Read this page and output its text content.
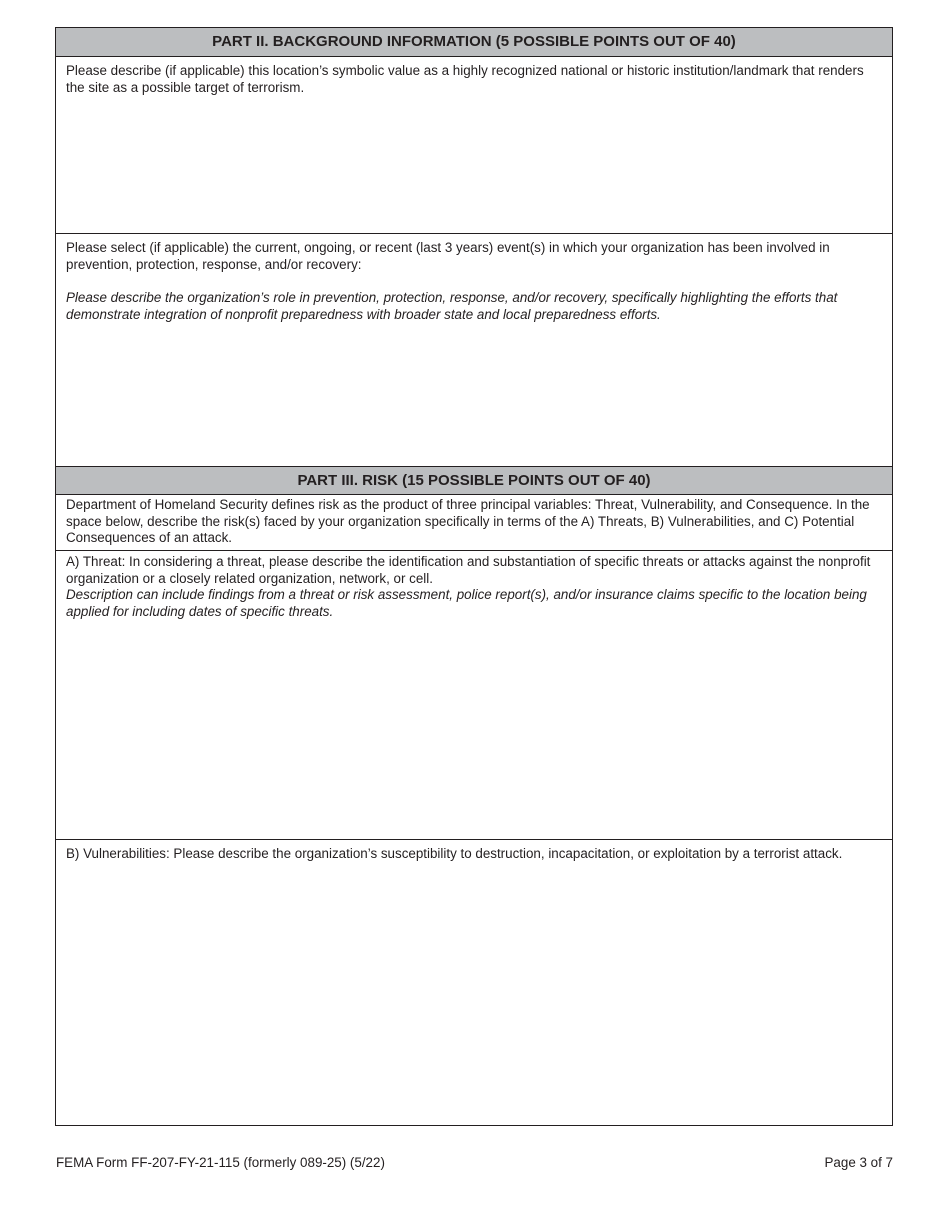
PART II. BACKGROUND INFORMATION (5 POSSIBLE POINTS OUT OF 40)

Please describe (if applicable) this location’s symbolic value as a highly recognized national or historic institution/landmark that renders the site as a possible target of terrorism.

Please select (if applicable) the current, ongoing, or recent (last 3 years) event(s) in which your organization has been involved in prevention, protection, response, and/or recovery:

Please describe the organization’s role in prevention, protection, response, and/or recovery, specifically highlighting the efforts that demonstrate integration of nonprofit preparedness with broader state and local preparedness efforts.

PART III. RISK (15 POSSIBLE POINTS OUT OF 40)

Department of Homeland Security defines risk as the product of three principal variables: Threat, Vulnerability, and Consequence. In the space below, describe the risk(s) faced by your organization specifically in terms of the A) Threats, B) Vulnerabilities, and C) Potential Consequences of an attack.

A) Threat: In considering a threat, please describe the identification and substantiation of specific threats or attacks against the nonprofit organization or a closely related organization, network, or cell.

Description can include findings from a threat or risk assessment, police report(s), and/or insurance claims specific to the location being applied for including dates of specific threats.

B) Vulnerabilities: Please describe the organization’s susceptibility to destruction, incapacitation, or exploitation by a terrorist attack.

FEMA Form FF-207-FY-21-115 (formerly 089-25) (5/22)	Page 3 of 7
